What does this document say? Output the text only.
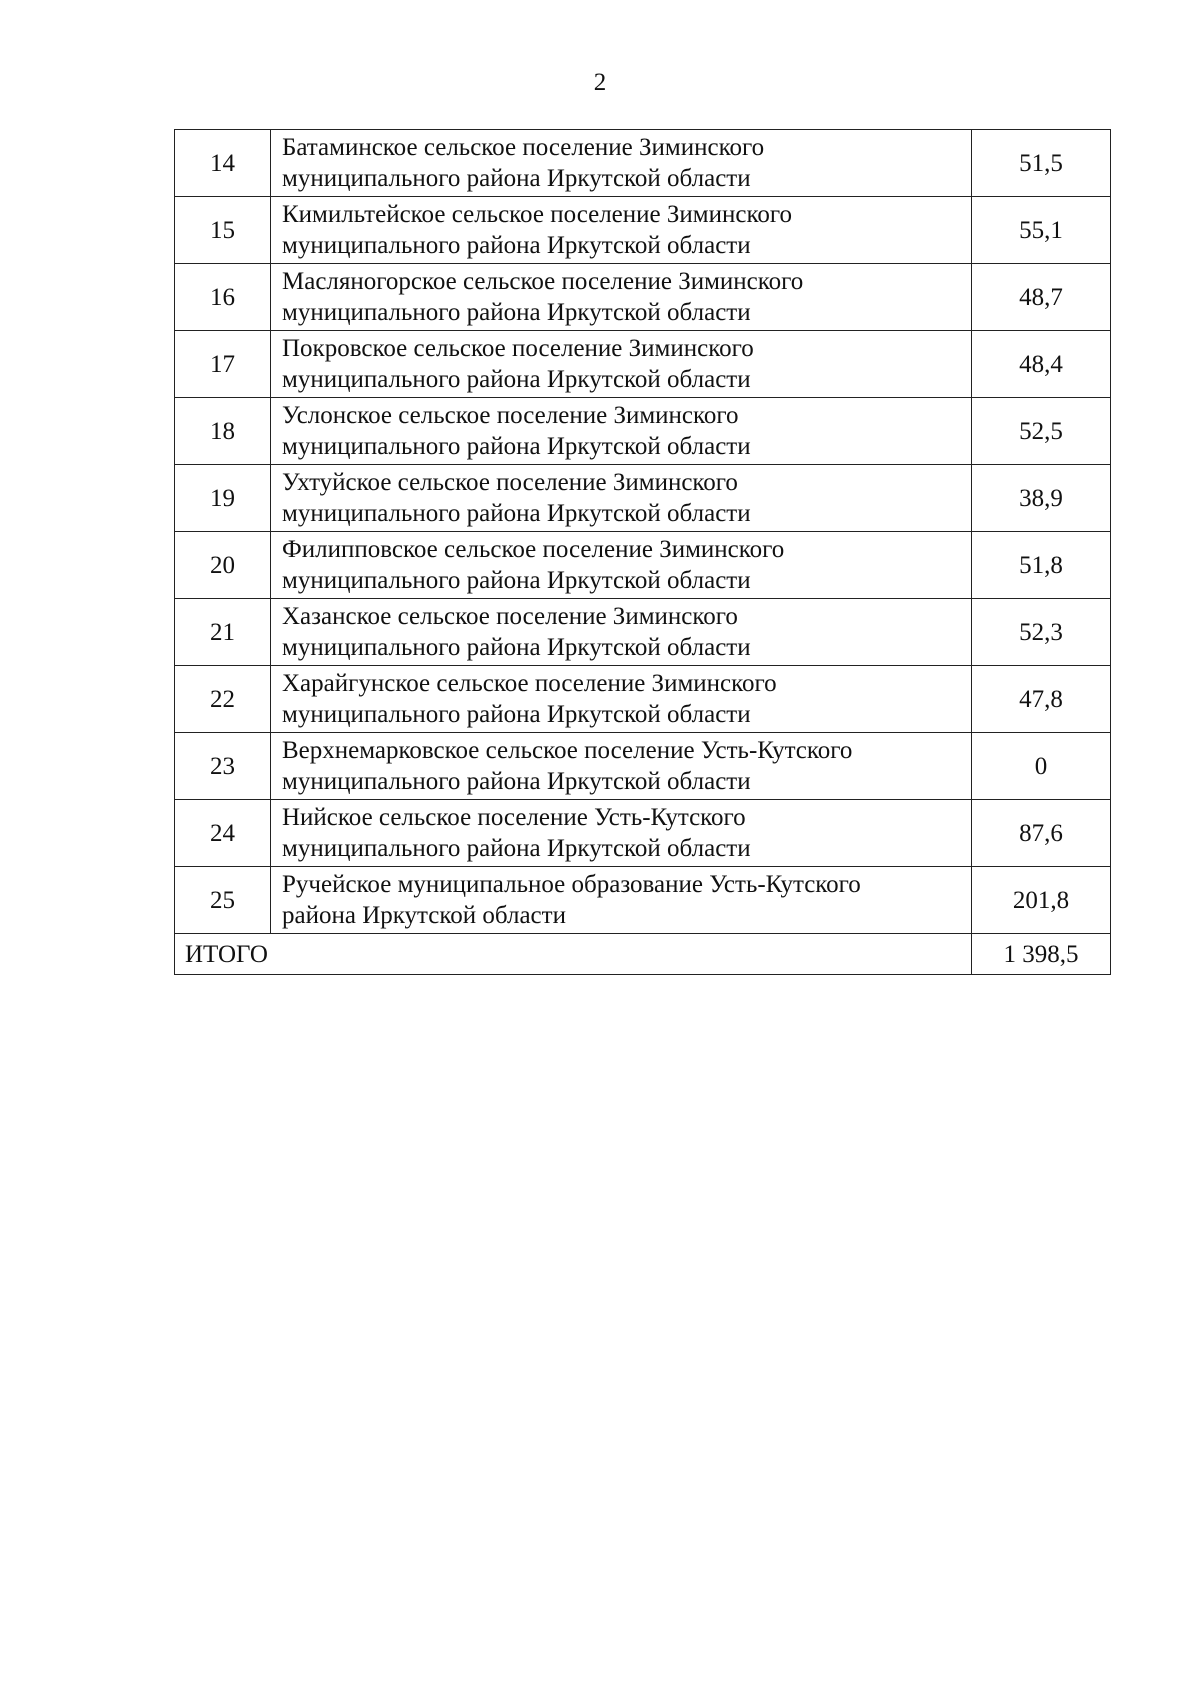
2
14	Батаминское сельское поселение Зиминского
муниципального района Иркутской области	51,5
15	Кимильтейское сельское поселение Зиминского
муниципального района Иркутской области	55,1
16	Масляногорское сельское поселение Зиминского
муниципального района Иркутской области	48,7
17	Покровское сельское поселение Зиминского
муниципального района Иркутской области	48,4
18	Услонское сельское поселение Зиминского
муниципального района Иркутской области	52,5
19	Ухтуйское сельское поселение Зиминского
муниципального района Иркутской области	38,9
20	Филипповское сельское поселение Зиминского
муниципального района Иркутской области	51,8
21	Хазанское сельское поселение Зиминского
муниципального района Иркутской области	52,3
22	Харайгунское сельское поселение Зиминского
муниципального района Иркутской области	47,8
23	Верхнемарковское сельское поселение Усть-Кутского
муниципального района Иркутской области	0
24	Нийское сельское поселение Усть-Кутского
муниципального района Иркутской области	87,6
25	Ручейское муниципальное образование Усть-Кутского
района Иркутской области	201,8
ИТОГО		1 398,5
